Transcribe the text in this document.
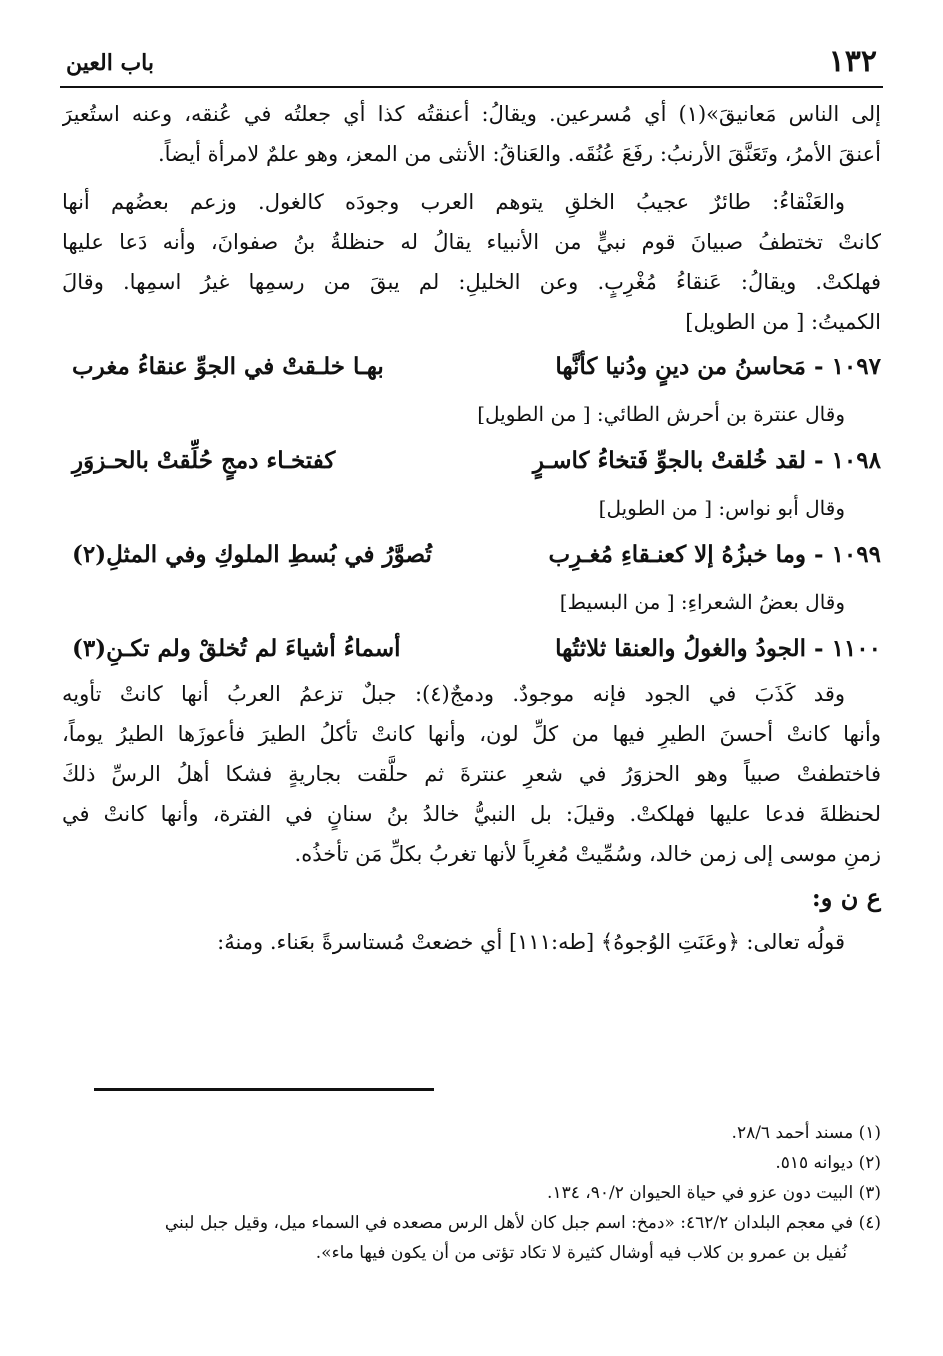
١٣٢
باب العين
إلى الناس مَعانيقَ»(١) أي مُسرعين. ويقالُ: أعنقتُه كذا أي جعلتُه في عُنقه، وعنه استُعيرَ
أعنقَ الأمرُ، وتَعَنَّقَ الأرنبُ: رفَعَ عُنُقَه. والعَناقُ: الأنثى من المعز، وهو علمٌ لامرأة أيضاً.
والعَنْقاءُ: طائرٌ عجيبُ الخلقِ يتوهم العرب وجودَه كالغول. وزعم بعضُهم أنها
كانتْ تختطفُ صبيانَ قوم نبيٍّ من الأنبياء يقالُ له حنظلةُ بنُ صفوانَ، وأنه دَعا عليها
فهلكتْ. ويقالُ: عَنقاءُ مُغْرِبٍ. وعن الخليلِ: لم يبقَ من رسمِها غيرُ اسمِها. وقالَ
الكميتُ: [ من الطويل]
١٠٩٧ - مَحاسنُ من دينٍ ودُنيا كأنَّها
بهـا خلـقتْ في الجوِّ عنقاءُ مغرب
وقال عنترة بن أحرش الطائي: [ من الطويل]
١٠٩٨ - لقد خُلقتْ بالجوِّ فَتخاءُ كاسـرٍ
كفتخـاء دمجٍ حُلِّقتْ بالحـزوَرِ
وقال أبو نواس: [ من الطويل]
١٠٩٩ - وما خبزُهُ إلا كعنـقاءِ مُغـرِب
تُصوَّرُ في بُسطِ الملوكِ وفي المثلِ(٢)
وقال بعضُ الشعراءِ: [ من البسيط]
١١٠٠ - الجودُ والغولُ والعنقا ثلاثتُها
أسماءُ أشياءَ لم تُخلقْ ولم تكـنِ(٣)
وقد كَذَبَ في الجود فإنه موجودٌ. ودمجٌ(٤): جبلٌ تزعمُ العربُ أنها كانتْ تأويه
وأنها كانتْ أحسنَ الطيرِ فيها من كلِّ لون، وأنها كانتْ تأكلُ الطيرَ فأعوزَها الطيرُ يوماً،
فاختطفتْ صبياً وهو الحزوَرُ في شعرِ عنترةَ ثم حلَّقت بجاريةٍ فشكا أهلُ الرسِّ ذلكَ
لحنظلةَ فدعا عليها فهلكتْ. وقيلَ: بل النبيُّ خالدُ بنُ سنانٍ في الفترة، وأنها كانتْ في
زمنِ موسى إلى زمن خالد، وسُمِّيتْ مُغرِباً لأنها تغربُ بكلِّ مَن تأخذُه.
ع ن و:
قولُه تعالى: ﴿وعَنَتِ الوُجوهُ﴾ [طه:١١١] أي خضعتْ مُستاسرةً بعَناء. ومنهُ:
(١) مسند أحمد ٢٨/٦.
(٢) ديوانه ٥١٥.
(٣) البيت دون عزو في حياة الحيوان ٩٠/٢، ١٣٤.
(٤) في معجم البلدان ٤٦٢/٢: «دمخ: اسم جبل كان لأهل الرس مصعده في السماء ميل، وقيل جبل لبني
نُفيل بن عمرو بن كلاب فيه أوشال كثيرة لا تكاد تؤتى من أن يكون فيها ماء».
